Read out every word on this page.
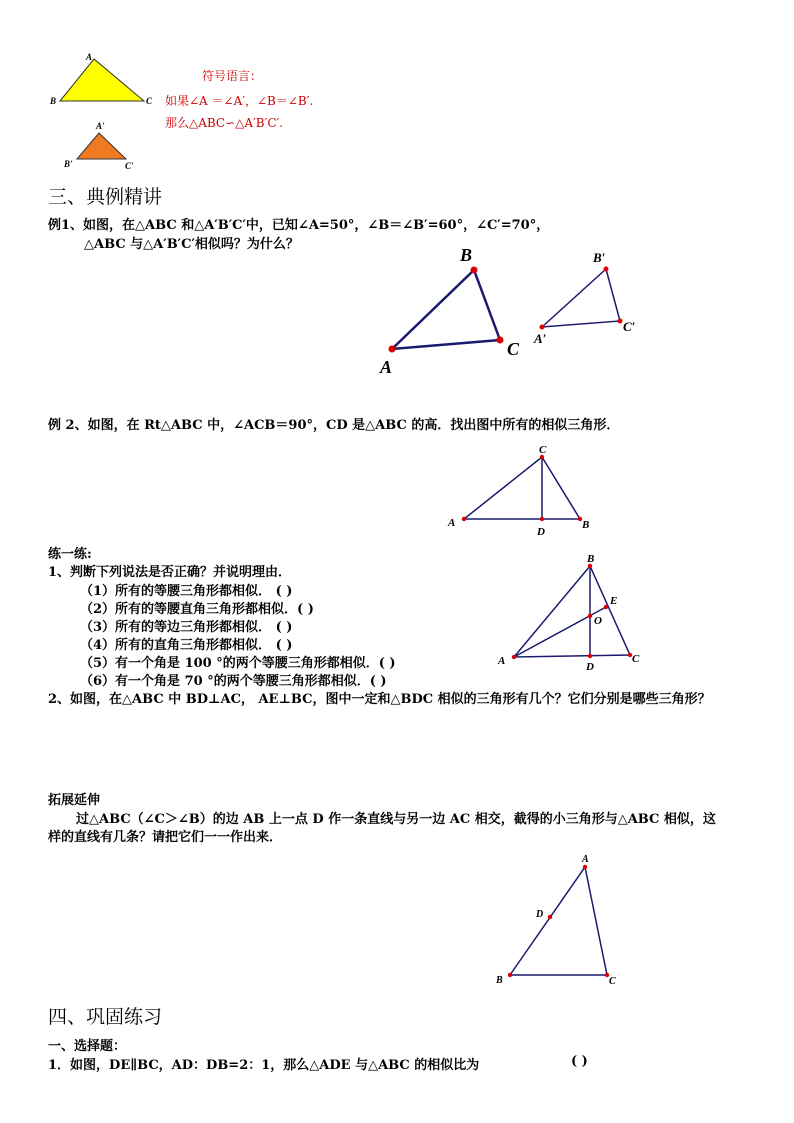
A
B	C
A'
B'	C'
符号语言：
如果∠A ＝∠A′，∠B＝∠B′.
那么△ABC∽△A′B′C′.
三、典例精讲
例1、如图，在△ABC 和△A′B′C′中，已知∠A=50°，∠B＝∠B′=60°，∠C′=70°，
△ABC 与△A′B′C′相似吗？为什么？
A
B
C
A′
B′
C′
例 2、如图，在 Rt△ABC 中，∠ACB＝90°，CD 是△ABC 的高．找出图中所有的相似三角形．
A	B
C
D
练一练:
1、判断下列说法是否正确？并说明理由．
（1）所有的等腰三角形都相似． ( )
（2）所有的等腰直角三角形都相似．( )
（3）所有的等边三角形都相似． ( )
（4）所有的直角三角形都相似． ( )
（5）有一个角是 100 °的两个等腰三角形都相似．( )
（6）有一个角是 70 °的两个等腰三角形都相似．( )
2、如图，在△ABC 中 BD⊥AC， AE⊥BC，图中一定和△BDC 相似的三角形有几个？它们分别是哪些三角形？
A
B
C
D
E
O
拓展延伸
过△ABC（∠C＞∠B）的边 AB 上一点 D 作一条直线与另一边 AC 相交，截得的小三角形与△ABC 相似，这
样的直线有几条？请把它们一一作出来．
A
B	C
D
四、巩固练习
一、选择题：
1．如图，DE∥BC，AD：DB=2：1，那么△ADE 与△ABC 的相似比为	( )
